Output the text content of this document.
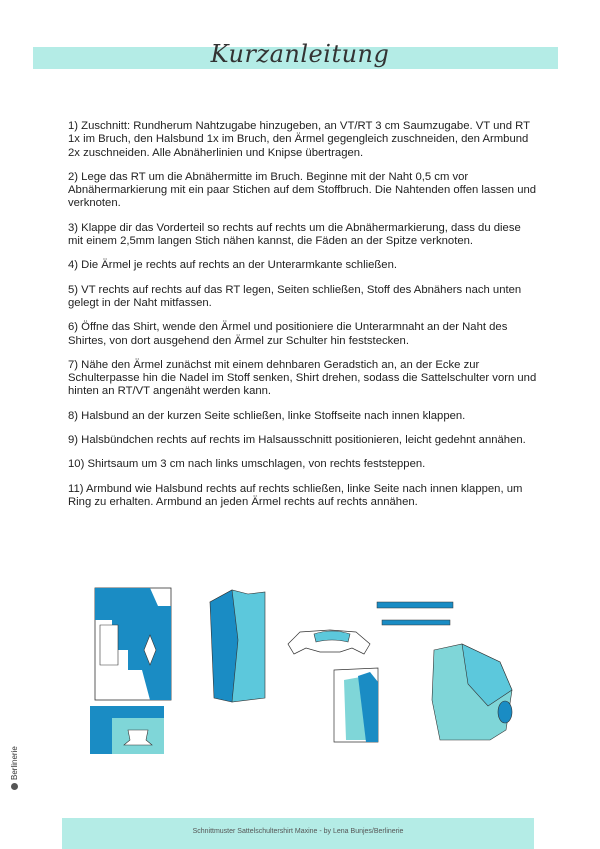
Kurzanleitung

1) Zuschnitt: Rundherum Nahtzugabe hinzugeben, an VT/RT 3 cm Saumzugabe. VT und RT 1x im Bruch, den Halsbund 1x im Bruch, den Ärmel gegengleich zuschneiden, den Armbund 2x zuschneiden. Alle Abnäherlinien und Knipse übertragen.

2) Lege das RT um die Abnähermitte im Bruch. Beginne mit der Naht 0,5 cm vor Abnähermarkierung mit ein paar Stichen auf dem Stoffbruch. Die Nahtenden offen lassen und verknoten.

3) Klappe dir das Vorderteil so rechts auf rechts um die Abnähermarkierung, dass du diese mit einem 2,5mm langen Stich nähen kannst, die Fäden an der Spitze verknoten.

4) Die Ärmel je rechts auf rechts an der Unterarmkante schließen.

5) VT rechts auf rechts auf das RT legen, Seiten schließen, Stoff des Abnähers nach unten gelegt in der Naht mitfassen.

6) Öffne das Shirt, wende den Ärmel und positioniere die Unterarmnaht an der Naht des Shirtes, von dort ausgehend den Ärmel zur Schulter hin feststecken.

7) Nähe den Ärmel zunächst mit einem dehnbaren Geradstich an, an der Ecke zur Schulterpasse hin die Nadel im Stoff senken, Shirt drehen, sodass die Sattelschulter vorn und hinten an RT/VT angenäht werden kann.

8) Halsbund an der kurzen Seite schließen, linke Stoffseite nach innen klappen.

9) Halsbündchen rechts auf rechts im Halsausschnitt positionieren, leicht gedehnt annähen.

10) Shirtsaum um 3 cm nach links umschlagen, von rechts feststeppen.

11) Armbund wie Halsbund rechts auf rechts schließen, linke Seite nach innen klappen, um Ring zu erhalten. Armbund an jeden Ärmel rechts auf rechts annähen.

Schnittmuster Sattelschultershirt Maxine - by Lena Bunjes/Berlinerie
Berlinerie
